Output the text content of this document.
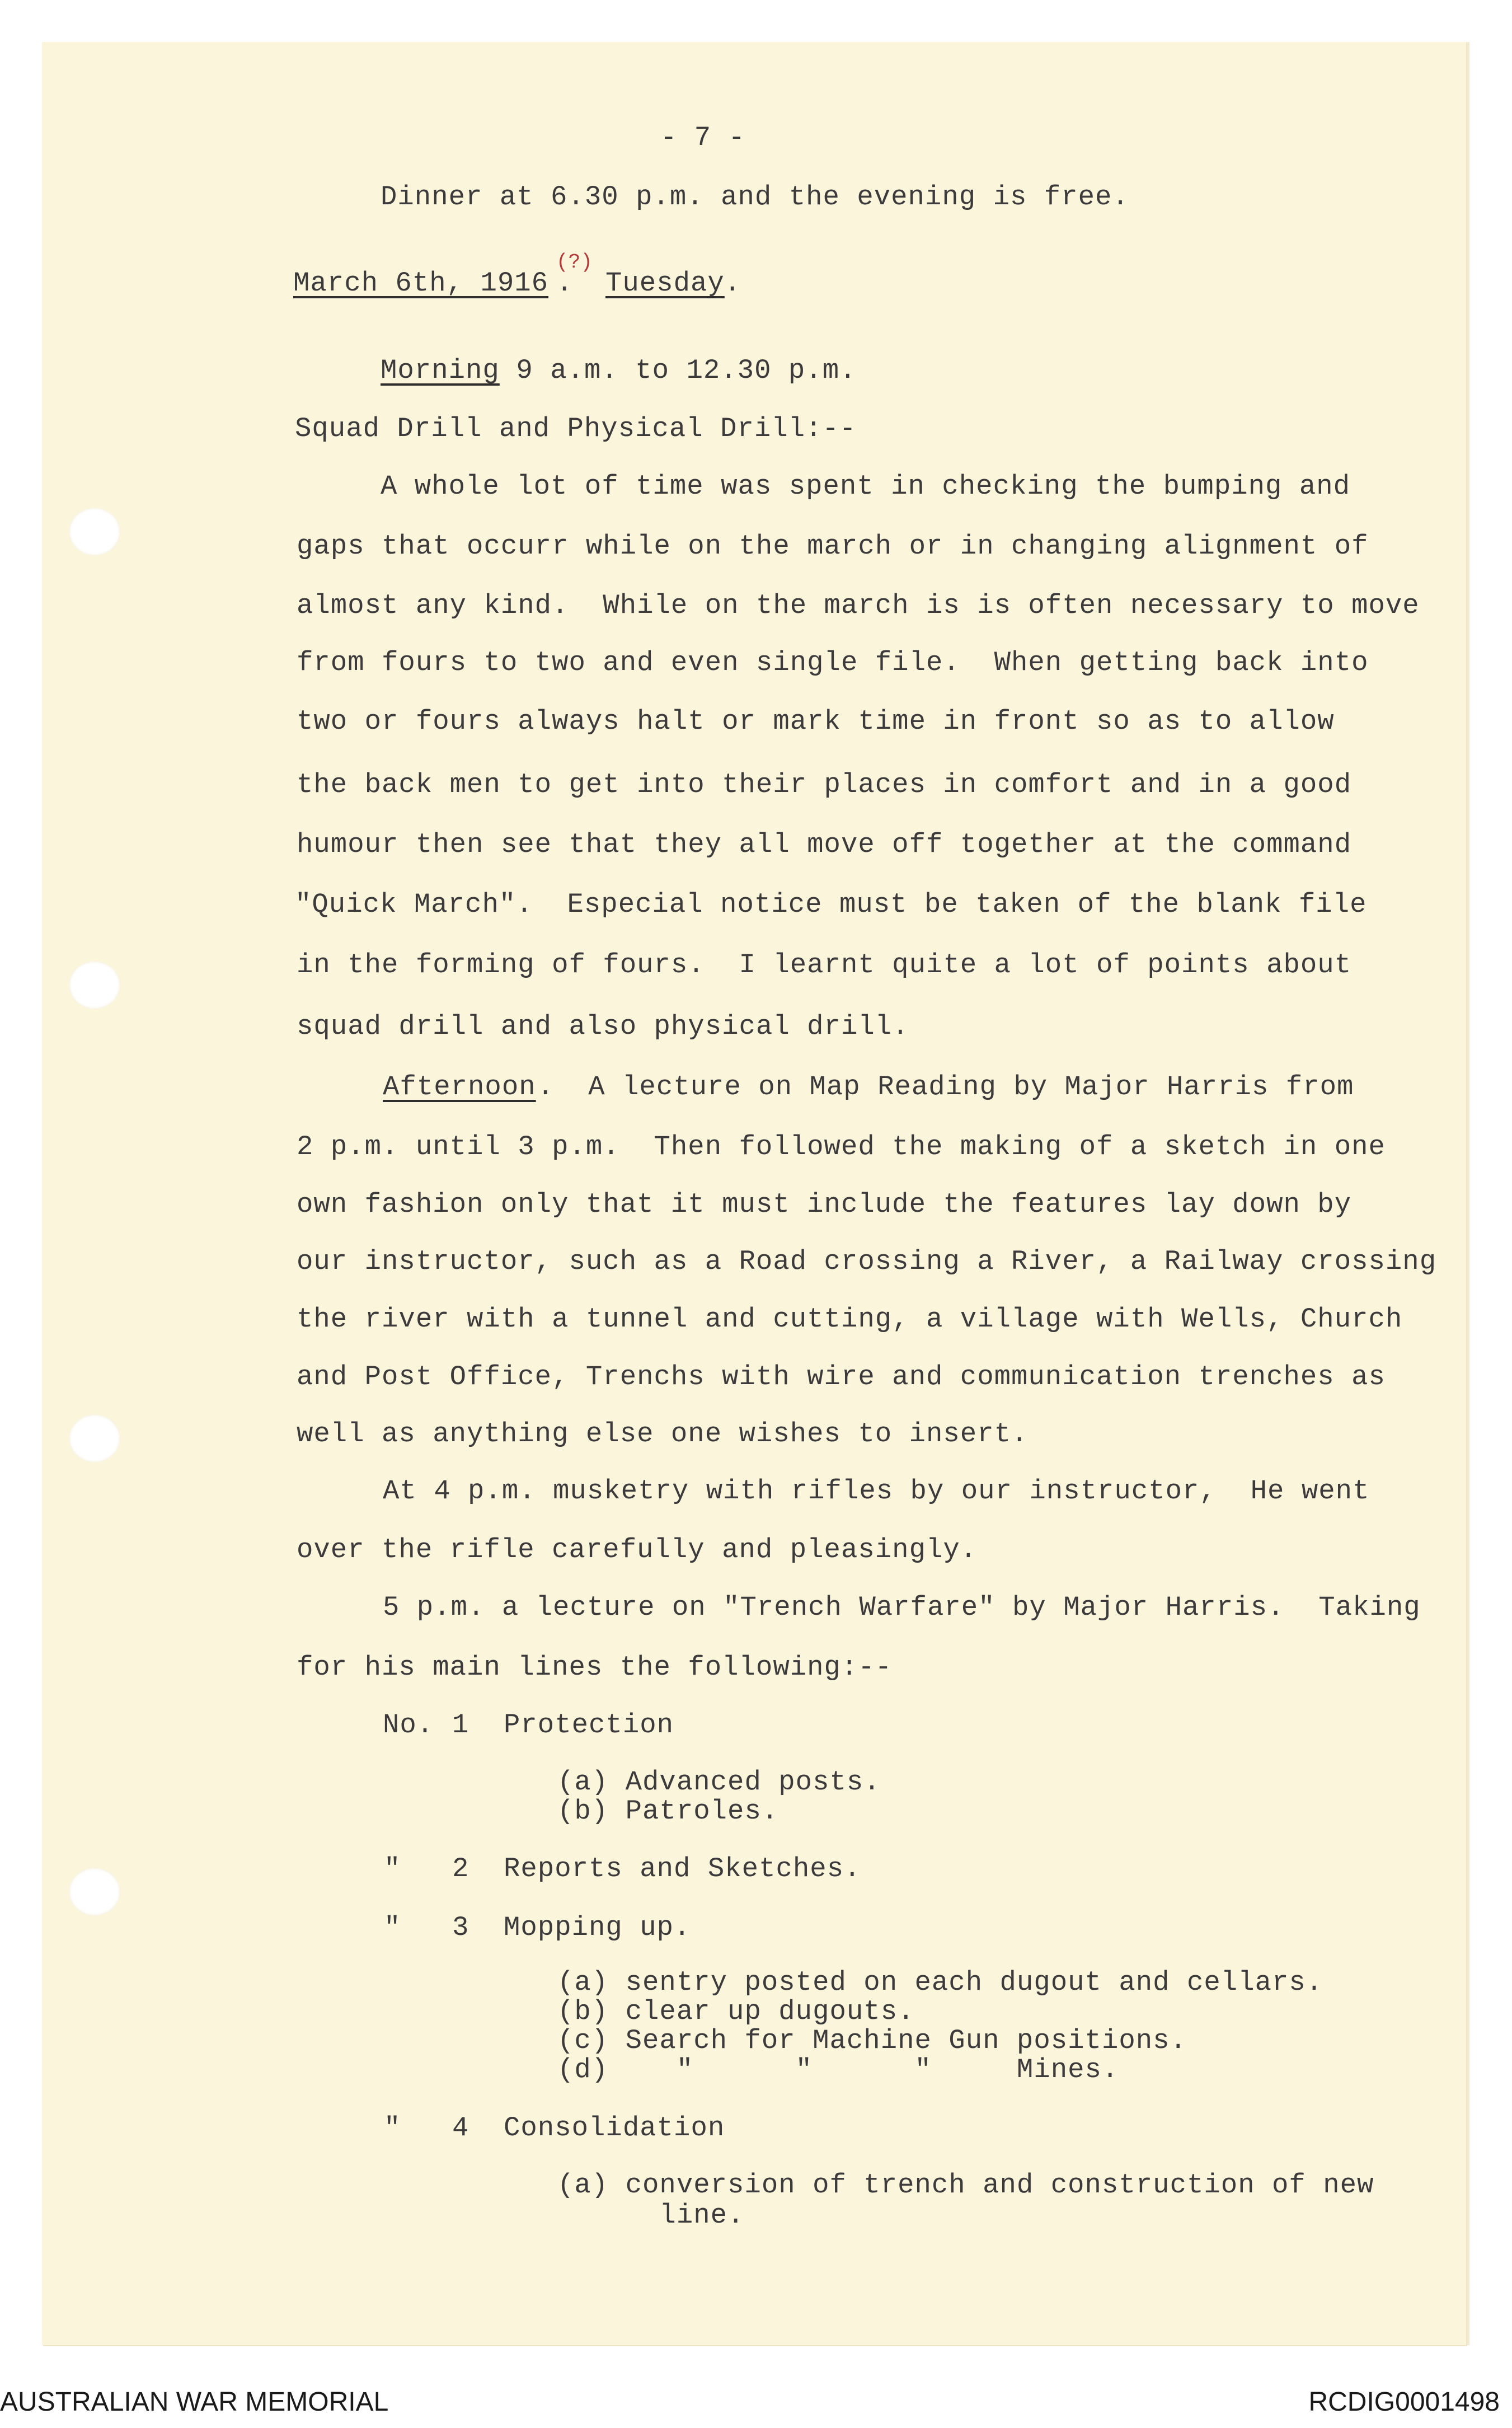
- 7 -
Dinner at 6.30 p.m. and the evening is free.
March 6th, 1916
(?)
. Tuesday .
Morning 9 a.m. to 12.30 p.m.
Squad Drill and Physical Drill:--
A whole lot of time was spent in checking the bumping and
gaps that occurr while on the march or in changing alignment of
almost any kind.  While on the march is is often necessary to move
from fours to two and even single file.  When getting back into
two or fours always halt or mark time in front so as to allow
the back men to get into their places in comfort and in a good
humour then see that they all move off together at the command
"Quick March".  Especial notice must be taken of the blank file
in the forming of fours.  I learnt quite a lot of points about
squad drill and also physical drill.
Afternoon .  A lecture on Map Reading by Major Harris from
2 p.m. until 3 p.m.  Then followed the making of a sketch in one
own fashion only that it must include the features lay down by
our instructor, such as a Road crossing a River, a Railway crossing
the river with a tunnel and cutting, a village with Wells, Church
and Post Office, Trenchs with wire and communication trenches as
well as anything else one wishes to insert.
At 4 p.m. musketry with rifles by our instructor,  He went
over the rifle carefully and pleasingly.
5 p.m. a lecture on "Trench Warfare" by Major Harris.  Taking
for his main lines the following:--
No. 1 Protection
(a) Advanced posts.
(b) Patroles.
" 2 Reports and Sketches.
" 3 Mopping up.
(a) sentry posted on each dugout and cellars.
(b) clear up dugouts.
(c) Search for Machine Gun positions.
(d)    "      "      "     Mines.
" 4 Consolidation
(a) conversion of trench and construction of new
line.
AUSTRALIAN WAR MEMORIAL	RCDIG0001498
